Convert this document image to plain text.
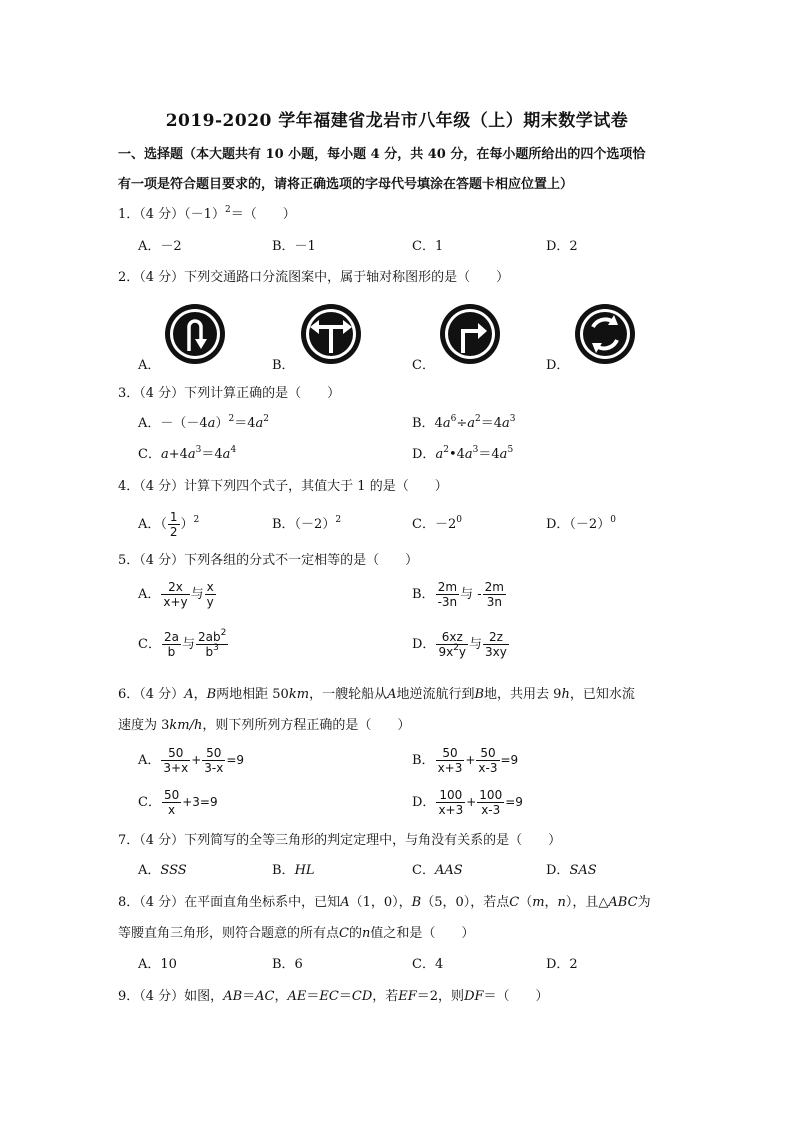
2019-2020 学年福建省龙岩市八年级（上）期末数学试卷
一、选择题（本大题共有 10 小题，每小题 4 分，共 40 分，在每小题所给出的四个选项恰
有一项是符合题目要求的，请将正确选项的字母代号填涂在答题卡相应位置上）
1．（4 分）$(-1)^2=$（　　）
A．－2	B．－1	C．1	D．2
2．（4 分）下列交通路口分流图案中，属于轴对称图形的是（　　）
A．	B．	C．	D．
3．（4 分）下列计算正确的是（　　）
A．$-(-4a)^2=4a^2$	B．$4a^6\div a^2=4a^3$
C．$a+4a^3=4a^4$	D．$a^2•4a^3=4a^5$
4．（4 分）计算下列四个式子，其值大于 1 的是（　　）
A．（ $\frac{1}{2} )^2$	B．$(-2)^2$	C．$-2^0$	D．$(-2)^0$
5．（4 分）下列各组的分式不一定相等的是（　　）
A． $\frac{2x}{x+y}$ 与 $\frac{x}{y}$	B． $\frac{2m}{-3n}$ 与 - $\frac{2m}{3n}$
C． $\frac{2a}{b}$ 与 $\frac{2ab^2}{b^3}$	D． $\frac{6xz}{9x^2y}$ 与 $\frac{2z}{3xy}$
6．（4 分）A，B两地相距 50km，一艘轮船从A地逆流航行到B地，共用去 9h，已知水流
速度为 3km/h，则下列所列方程正确的是（　　）
A． $\frac{50}{3+x} + \frac{50}{3-x} =9$	B． $\frac{50}{x+3} + \frac{50}{x-3} =9$
C． $\frac{50}{x} +3=9$	D． $\frac{100}{x+3} + \frac{100}{x-3} =9$
7．（4 分）下列简写的全等三角形的判定定理中，与角没有关系的是（　　）
A．SSS	B．HL	C．AAS	D．SAS
8．（4 分）在平面直角坐标系中，已知A（1，0），B（5，0），若点C（m，n），且△ABC为
等腰直角三角形，则符合题意的所有点C的n值之和是（　　）
A．10	B．6	C．4	D．2
9．（4 分）如图，AB＝AC，AE＝EC＝CD，若EF＝2，则DF＝（　　）
